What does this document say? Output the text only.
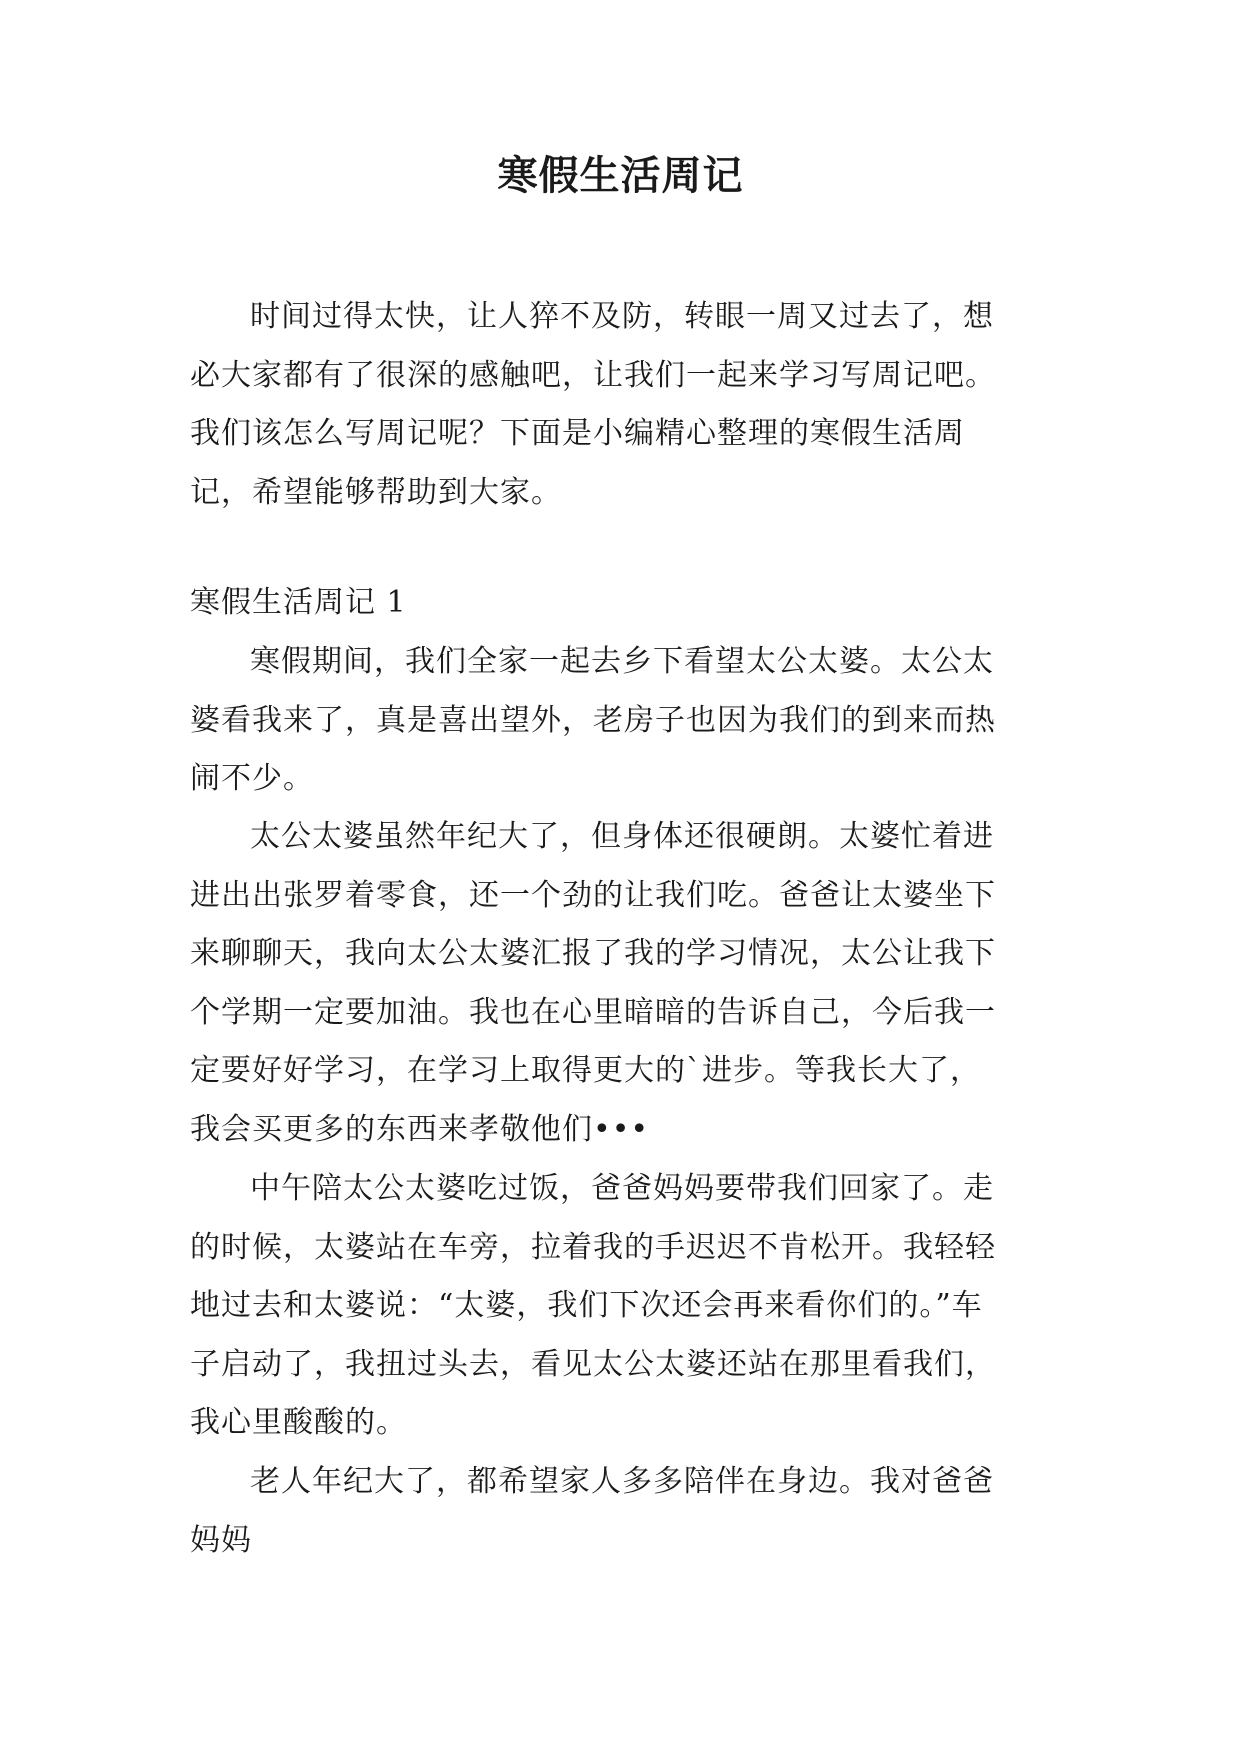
寒假生活周记

时间过得太快，让人猝不及防，转眼一周又过去了，想
必大家都有了很深的感触吧，让我们一起来学习写周记吧。
我们该怎么写周记呢？下面是小编精心整理的寒假生活周
记，希望能够帮助到大家。

寒假生活周记 1

寒假期间，我们全家一起去乡下看望太公太婆。太公太
婆看我来了，真是喜出望外，老房子也因为我们的到来而热
闹不少。

太公太婆虽然年纪大了，但身体还很硬朗。太婆忙着进
进出出张罗着零食，还一个劲的让我们吃。爸爸让太婆坐下
来聊聊天，我向太公太婆汇报了我的学习情况，太公让我下
个学期一定要加油。我也在心里暗暗的告诉自己，今后我一
定要好好学习，在学习上取得更大的`进步。等我长大了，
我会买更多的东西来孝敬他们•••

中午陪太公太婆吃过饭，爸爸妈妈要带我们回家了。走
的时候，太婆站在车旁，拉着我的手迟迟不肯松开。我轻轻
地过去和太婆说：“太婆，我们下次还会再来看你们的。”车
子启动了，我扭过头去，看见太公太婆还站在那里看我们，
我心里酸酸的。

老人年纪大了，都希望家人多多陪伴在身边。我对爸爸
妈妈
